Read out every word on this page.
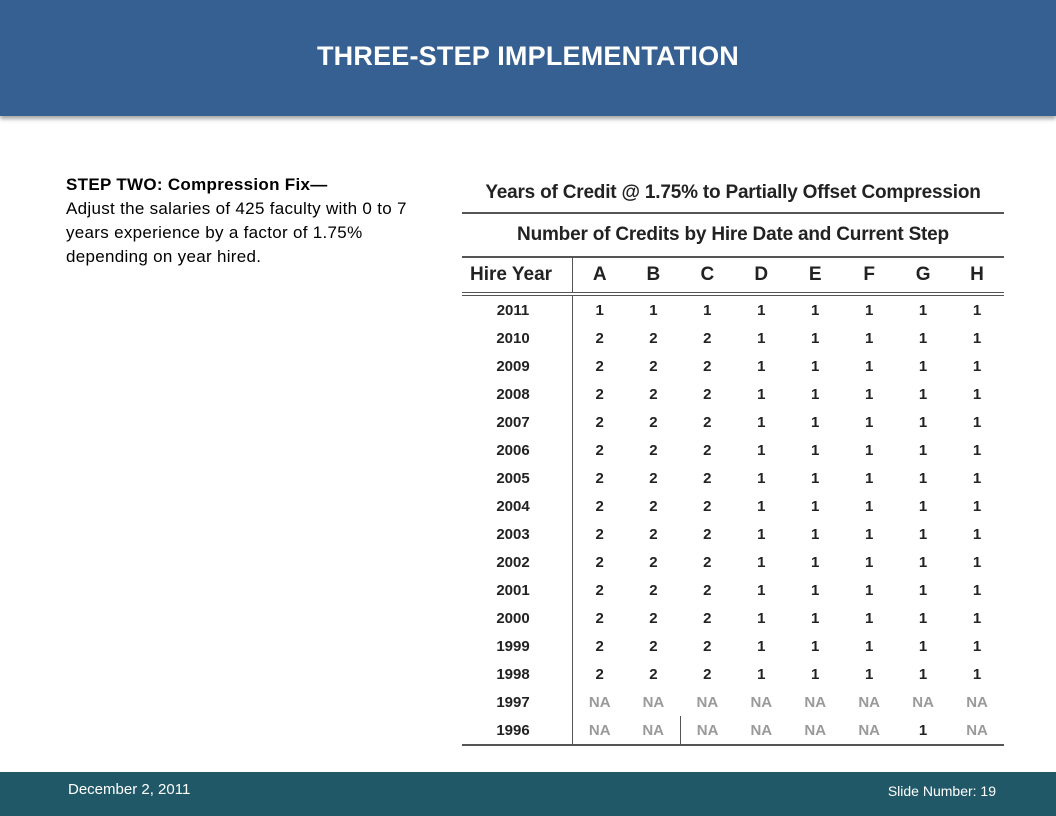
THREE-STEP IMPLEMENTATION
STEP TWO: Compression Fix—
Adjust the salaries of 425 faculty with 0 to 7 years experience by a factor of 1.75% depending on year hired.
Years of Credit @ 1.75% to Partially Offset Compression
Number of Credits by Hire Date and Current Step
Hire Year	A	B	C	D	E	F	G	H
2011	1	1	1	1	1	1	1	1
2010	2	2	2	1	1	1	1	1
2009	2	2	2	1	1	1	1	1
2008	2	2	2	1	1	1	1	1
2007	2	2	2	1	1	1	1	1
2006	2	2	2	1	1	1	1	1
2005	2	2	2	1	1	1	1	1
2004	2	2	2	1	1	1	1	1
2003	2	2	2	1	1	1	1	1
2002	2	2	2	1	1	1	1	1
2001	2	2	2	1	1	1	1	1
2000	2	2	2	1	1	1	1	1
1999	2	2	2	1	1	1	1	1
1998	2	2	2	1	1	1	1	1
1997	NA	NA	NA	NA	NA	NA	NA	NA
1996	NA	NA	NA	NA	NA	NA	1	NA
December 2, 2011	Slide Number: 19
